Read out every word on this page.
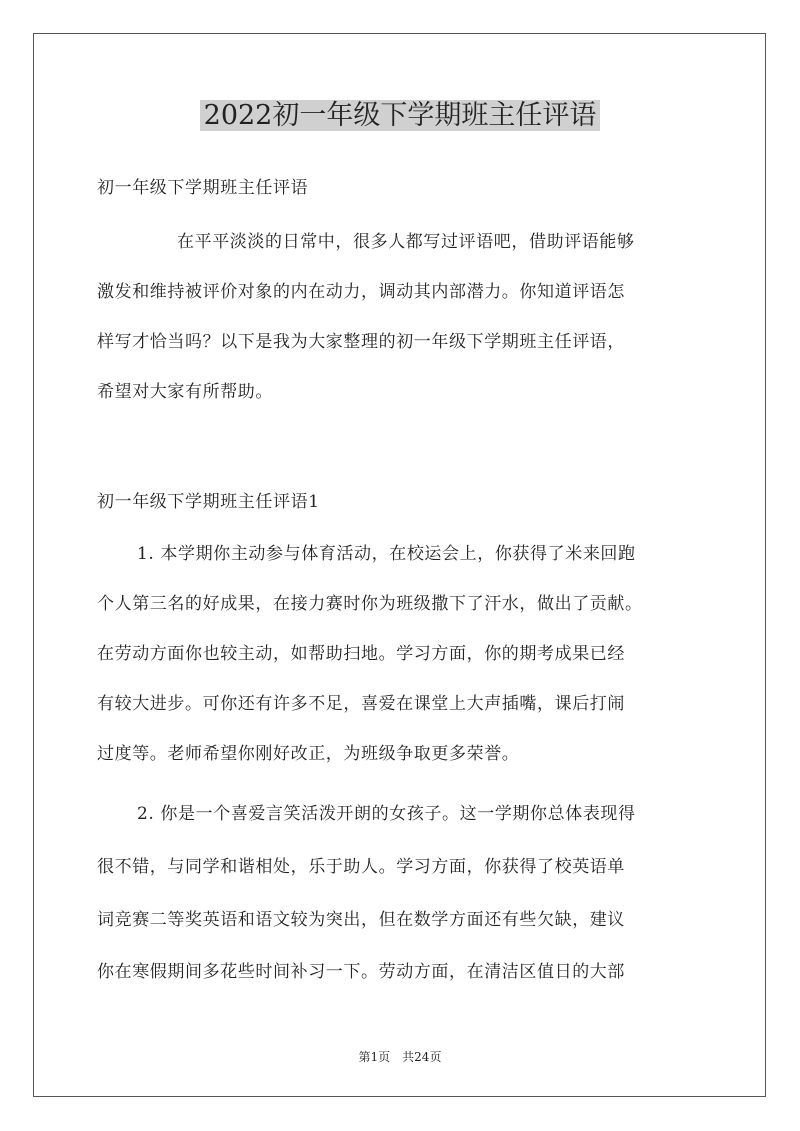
2022初一年级下学期班主任评语
初一年级下学期班主任评语
在平平淡淡的日常中，很多人都写过评语吧，借助评语能够
激发和维持被评价对象的内在动力，调动其内部潜力。你知道评语怎
样写才恰当吗？以下是我为大家整理的初一年级下学期班主任评语，
希望对大家有所帮助。
初一年级下学期班主任评语1
1. 本学期你主动参与体育活动，在校运会上，你获得了米来回跑
个人第三名的好成果，在接力赛时你为班级撒下了汗水，做出了贡献。
在劳动方面你也较主动，如帮助扫地。学习方面，你的期考成果已经
有较大进步。可你还有许多不足，喜爱在课堂上大声插嘴，课后打闹
过度等。老师希望你刚好改正，为班级争取更多荣誉。
2. 你是一个喜爱言笑活泼开朗的女孩子。这一学期你总体表现得
很不错，与同学和谐相处，乐于助人。学习方面，你获得了校英语单
词竞赛二等奖英语和语文较为突出，但在数学方面还有些欠缺，建议
你在寒假期间多花些时间补习一下。劳动方面，在清洁区值日的大部
第1页 共24页
